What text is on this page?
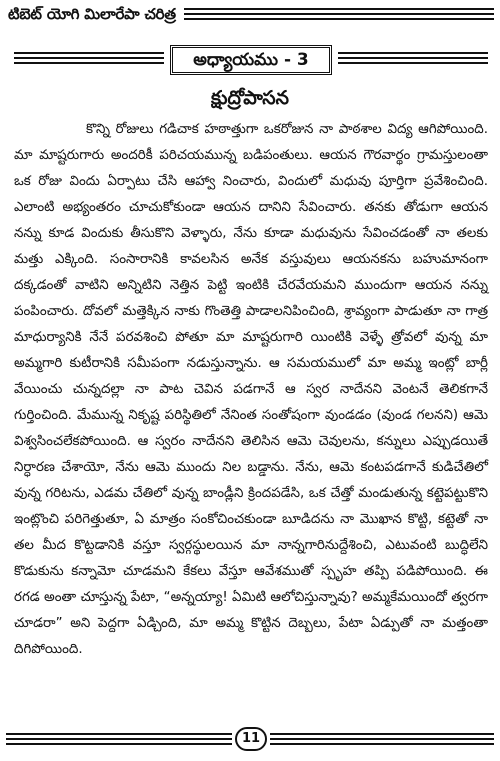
టిబెట్ యోగి మిలారేపా చరిత్ర
అధ్యాయము - 3
క్షుద్రోపాసన

కొన్ని రోజులు గడిచాక హఠాత్తుగా ఒకరోజున నా పాఠశాల విద్య ఆగిపోయింది. మా మాష్టరుగారు అందరికీ పరిచయమున్న బడిపంతులు. ఆయన గౌరవార్థం గ్రామస్తులంతా ఒక రోజు విందు ఏర్పాటు చేసి ఆహ్వా నించారు, విందులో మధువు పూర్తిగా ప్రవేశించింది. ఎలాంటి అభ్యంతరం చూచుకోకుండా ఆయన దానిని సేవించారు. తనకు తోడుగా ఆయన నన్ను కూడ విందుకు తీసుకొని వెళ్ళారు, నేను కూడా మధువును సేవించడంతో నా తలకు మత్తు ఎక్కింది. సంసారానికి కావలసిన అనేక వస్తువులు ఆయనకను బహుమానంగా దక్కడంతో వాటిని అన్నిటిని నెత్తిన పెట్టి ఇంటికి చేరవేయమని ముందుగా ఆయన నన్ను పంపించారు. దోవలో మత్తెక్కిన నాకు గొంతెత్తి పాడాలనిపించింది, శ్రావ్యంగా పాడుతూ నా గాత్ర మాధుర్యానికి నేనే పరవశించి పోతూ మా మాష్టరుగారి యింటికి వెళ్ళే త్రోవలో వున్న మా అమ్మగారి కుటీరానికి సమీపంగా నడుస్తున్నాను. ఆ సమయములో మా అమ్మ ఇంట్లో బార్లీ వేయించు చున్నదల్లా నా పాట చెవిన పడగానే ఆ స్వర నాదేనని వెంటనే తెలికగానే గుర్తించింది. మేమున్న నికృష్ట పరిస్థితిలో నేనింత సంతోషంగా వుండడం (వుండ గలనని) ఆమె విశ్వసించలేకపోయింది. ఆ స్వరం నాదేనని తెలిసిన ఆమె చెవులను, కన్నులు ఎప్పుడయితే నిర్ధారణ చేశాయో, నేను ఆమె ముందు నిల బడ్డాను. నేను, ఆమె కంటపడగానే కుడిచేతిలో వున్న గరిటను, ఎడమ చేతిలో వున్న బాండ్లీని క్రిందపడేసి, ఒక చేత్తో మండుతున్న కట్టెపట్టుకొని ఇంట్లొంచి పరిగెత్తుతూ, ఏ మాత్రం సంకోచించకుండా బూడిదను నా మొఖాన కొట్టి, కట్టెతో నా తల మీద కొట్టడానికి వస్తూ స్వర్గస్థులయిన మా నాన్నగారినుద్దేశించి, ఎటువంటి బుద్ధిలేని కొడుకును కన్నామో చూడమని కేకలు వేస్తూ ఆవేశముతో స్పృహ తప్పి పడిపోయింది. ఈ రగడ అంతా చూస్తున్న పేటా, “అన్నయ్యా! ఏమిటి ఆలోచిస్తున్నావు? అమ్మకేమయిందో త్వరగా చూడరా” అని పెద్దగా ఏడ్చింది, మా అమ్మ కొట్టిన దెబ్బలు, పేటా ఏడ్పుతో నా మత్తంతా దిగిపోయింది.

11
